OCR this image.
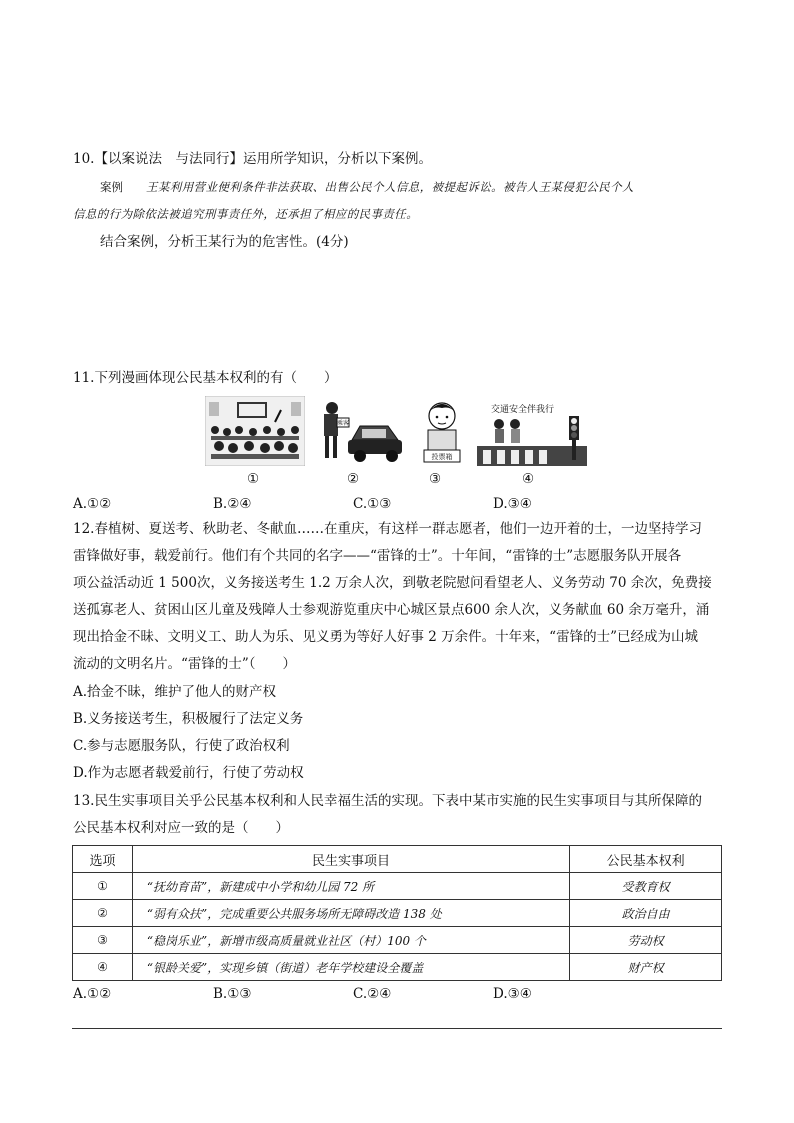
10.【以案说法　与法同行】运用所学知识，分析以下案例。
案例 王某利用营业便利条件非法获取、出售公民个人信息，被提起诉讼。被告人王某侵犯公民个人
信息的行为除依法被追究刑事责任外，还承担了相应的民事责任。
结合案例，分析王某行为的危害性。(4分)
11.下列漫画体现公民基本权利的有（　　）
乘客
投票箱
交通安全伴我行
①	②	③	④
A.①②	B.②④	C.①③	D.③④
12.春植树、夏送考、秋助老、冬献血……在重庆，有这样一群志愿者，他们一边开着的士，一边坚持学习
雷锋做好事，载爱前行。他们有个共同的名字——“雷锋的士”。十年间，“雷锋的士”志愿服务队开展各
项公益活动近 1 500次，义务接送考生 1.2 万余人次，到敬老院慰问看望老人、义务劳动 70 余次，免费接
送孤寡老人、贫困山区儿童及残障人士参观游览重庆中心城区景点600 余人次，义务献血 60 余万毫升，涌
现出拾金不昧、文明义工、助人为乐、见义勇为等好人好事 2 万余件。十年来，“雷锋的士”已经成为山城
流动的文明名片。“雷锋的士”（　　）
A.拾金不昧，维护了他人的财产权
B.义务接送考生，积极履行了法定义务
C.参与志愿服务队，行使了政治权利
D.作为志愿者载爱前行，行使了劳动权
13.民生实事项目关乎公民基本权利和人民幸福生活的实现。下表中某市实施的民生实事项目与其所保障的
公民基本权利对应一致的是（　　）
选项	民生实事项目	公民基本权利
①	“抚幼育苗”，新建成中小学和幼儿园 72 所	受教育权
②	“弱有众扶”，完成重要公共服务场所无障碍改造 138 处	政治自由
③	“稳岗乐业”，新增市级高质量就业社区（村）100 个	劳动权
④	“银龄关爱”，实现乡镇（街道）老年学校建设全覆盖	财产权
A.①②	B.①③	C.②④	D.③④
